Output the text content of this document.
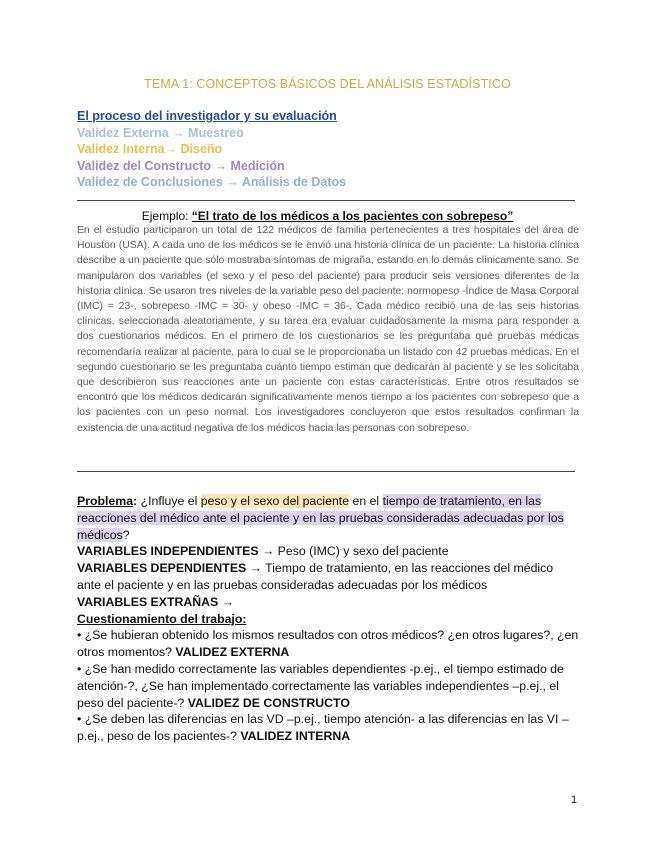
TEMA 1: CONCEPTOS BÁSICOS DEL ANÁLISIS ESTADÍSTICO
El proceso del investigador y su evaluación
Validez Externa → Muestreo
Validez Interna→ Diseño
Validez del Constructo → Medición
Validez de Conclusiones → Análisis de Datos
Ejemplo: “El trato de los médicos a los pacientes con sobrepeso”
En el estudio participaron un total de 122 médicos de familia pertenecientes a tres hospitales del área de Houston (USA). A cada uno de los médicos se le envió una historia clínica de un paciente. La historia clínica describe a un paciente que sólo mostraba síntomas de migraña, estando en lo demás clínicamente sano. Se manipularon dos variables (el sexo y el peso del paciente) para producir seis versiones diferentes de la historia clínica. Se usaron tres niveles de la variable peso del paciente: normopeso -Índice de Masa Corporal (IMC) = 23-, sobrepeso -IMC = 30- y obeso -IMC = 36-. Cada médico recibió una de las seis historias clínicas, seleccionada aleatoriamente, y su tarea era evaluar cuidadosamente la misma para responder a dos cuestionarios médicos. En el primero de los cuestionarios se les preguntaba qué pruebas médicas recomendaría realizar al paciente, para lo cual se le proporcionaba un listado con 42 pruebas médicas. En el segundo cuestionario se les preguntaba cuánto tiempo estiman que dedicarán al paciente y se les solicitaba que describieron sus reacciones ante un paciente con estas características. Entre otros resultados se encontró que los médicos dedicarán significativamente menos tiempo a los pacientes con sobrepeso que a los pacientes con un peso normal. Los investigadores concluyeron que estos resultados confirman la existencia de una actitud negativa de los médicos hacia las personas con sobrepeso.

Problema: ¿Influye el peso y el sexo del paciente en el tiempo de tratamiento, en las reacciones del médico ante el paciente y en las pruebas consideradas adecuadas por los médicos?

VARIABLES INDEPENDIENTES → Peso (IMC) y sexo del paciente

VARIABLES DEPENDIENTES → Tiempo de tratamiento, en las reacciones del médico ante el paciente y en las pruebas consideradas adecuadas por los médicos

VARIABLES EXTRAÑAS →

Cuestionamiento del trabajo:

• ¿Se hubieran obtenido los mismos resultados con otros médicos? ¿en otros lugares?, ¿en otros momentos? VALIDEZ EXTERNA

• ¿Se han medido correctamente las variables dependientes -p.ej., el tiempo estimado de atención-?, ¿Se han implementado correctamente las variables independientes –p.ej., el peso del paciente-? VALIDEZ DE CONSTRUCTO

• ¿Se deben las diferencias en las VD –p.ej., tiempo atención- a las diferencias en las VI –p.ej., peso de los pacientes-? VALIDEZ INTERNA

1
